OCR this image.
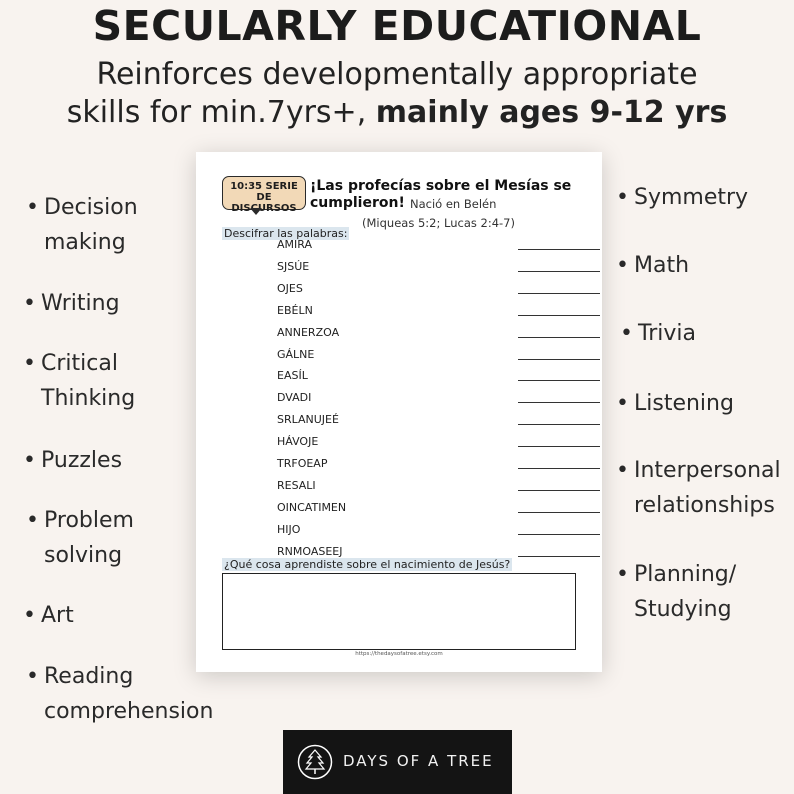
SECULARLY EDUCATIONAL
Reinforces developmentally appropriate
skills for min.7yrs+, mainly ages 9-12 yrs
• Decision
making
• Writing
• Critical
Thinking
• Puzzles
• Problem
solving
• Art
• Reading
comprehension
• Symmetry
• Math
• Trivia
• Listening
• Interpersonal
relationships
• Planning/
Studying
10:35 SERIE DE
DISCURSOS
¡Las profecías sobre el Mesías se cumplieron! Nació en Belén
(Miqueas 5:2; Lucas 2:4-7)
Descifrar las palabras:
AMIRA
SJSÚE
OJES
EBÉLN
ANNERZOA
GÁLNE
EASÍL
DVADI
SRLANUJEÉ
HÁVOJE
TRFOEAP
RESALI
OINCATIMEN
HIJO
RNMOASEEJ
¿Qué cosa aprendiste sobre el nacimiento de Jesús?
https://thedaysofatree.etsy.com
DAYS OF A TREE
